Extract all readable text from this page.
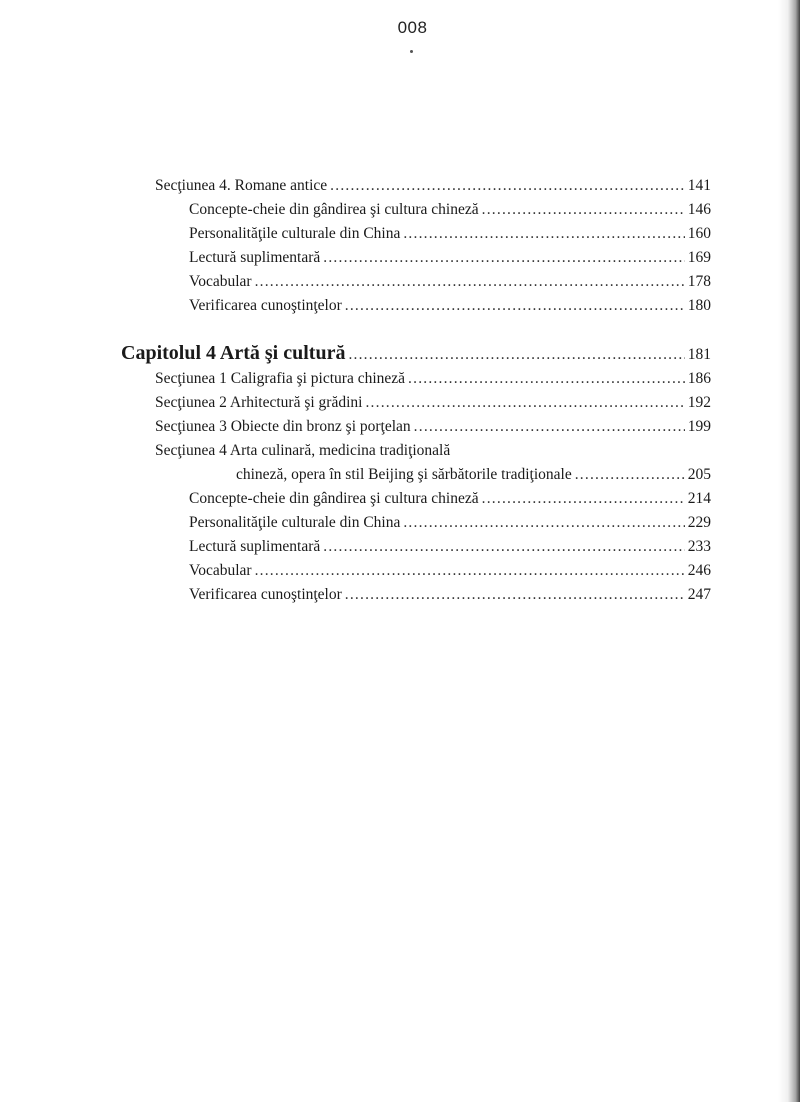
008
Secţiunea 4. Romane antice .....	141
Concepte-cheie din gândirea şi cultura chineză .....	146
Personalităţile culturale din China .....	160
Lectură suplimentară .....	169
Vocabular .....	178
Verificarea cunoştinţelor .....	180
Capitolul 4 Artă şi cultură .....	181
Secţiunea 1 Caligrafia şi pictura chineză .....	186
Secţiunea 2 Arhitectură şi grădini .....	192
Secţiunea 3 Obiecte din bronz şi porţelan .....	199
Secţiunea 4 Arta culinară, medicina tradiţională
chineză, opera în stil Beijing şi sărbătorile tradiţionale .....	205
Concepte-cheie din gândirea şi cultura chineză .....	214
Personalităţile culturale din China .....	229
Lectură suplimentară .....	233
Vocabular .....	246
Verificarea cunoştinţelor .....	247
